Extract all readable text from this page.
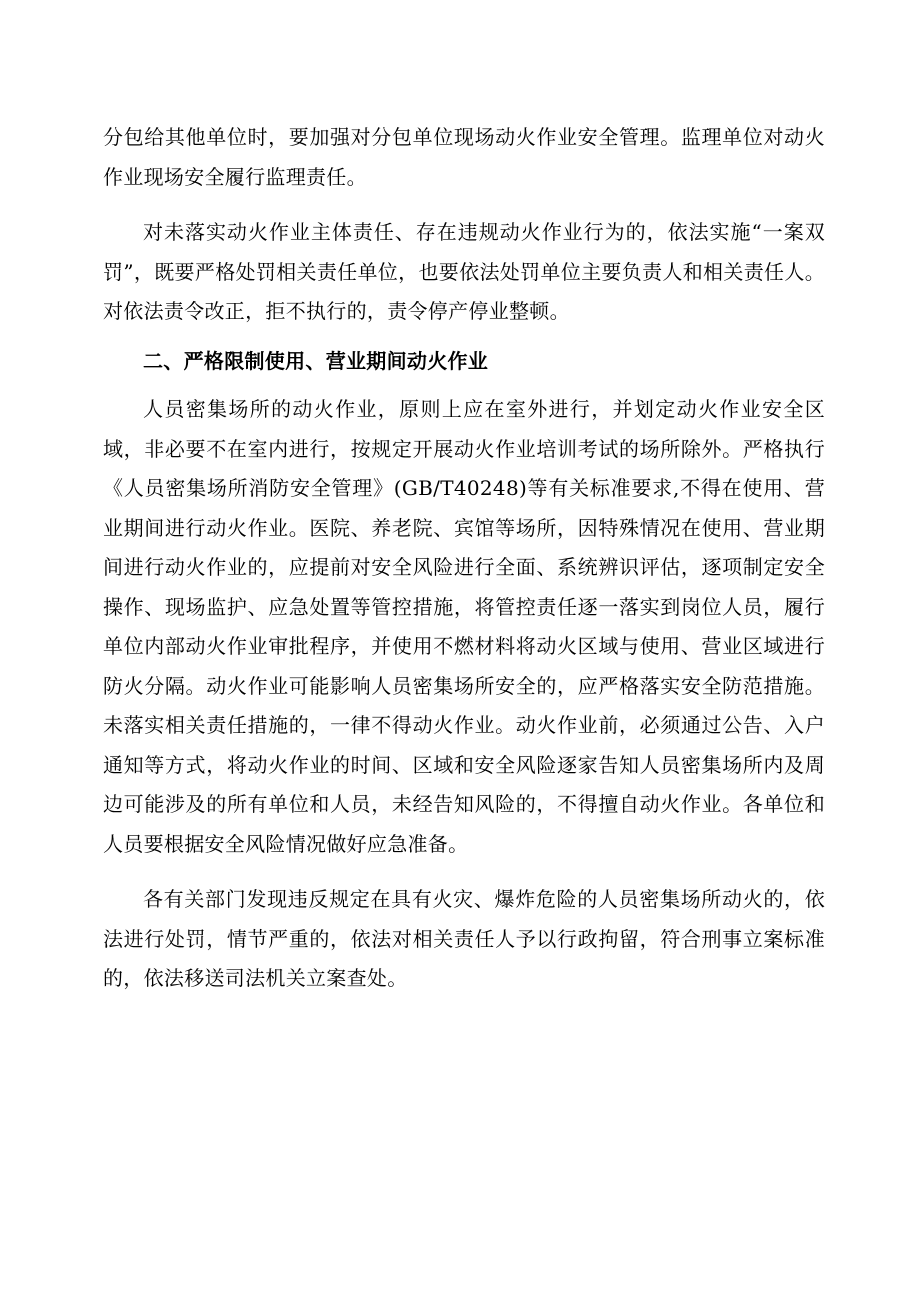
分包给其他单位时，要加强对分包单位现场动火作业安全管理。监理单位对动火作业现场安全履行监理责任。

对未落实动火作业主体责任、存在违规动火作业行为的，依法实施“一案双罚”，既要严格处罚相关责任单位，也要依法处罚单位主要负责人和相关责任人。对依法责令改正，拒不执行的，责令停产停业整顿。

二、严格限制使用、营业期间动火作业

人员密集场所的动火作业，原则上应在室外进行，并划定动火作业安全区域，非必要不在室内进行，按规定开展动火作业培训考试的场所除外。严格执行《人员密集场所消防安全管理》(GB/T40248)等有关标准要求,不得在使用、营业期间进行动火作业。医院、养老院、宾馆等场所，因特殊情况在使用、营业期间进行动火作业的，应提前对安全风险进行全面、系统辨识评估，逐项制定安全操作、现场监护、应急处置等管控措施，将管控责任逐一落实到岗位人员，履行单位内部动火作业审批程序，并使用不燃材料将动火区域与使用、营业区域进行防火分隔。动火作业可能影响人员密集场所安全的，应严格落实安全防范措施。未落实相关责任措施的，一律不得动火作业。动火作业前，必须通过公告、入户通知等方式，将动火作业的时间、区域和安全风险逐家告知人员密集场所内及周边可能涉及的所有单位和人员，未经告知风险的，不得擅自动火作业。各单位和人员要根据安全风险情况做好应急准备。

各有关部门发现违反规定在具有火灾、爆炸危险的人员密集场所动火的，依法进行处罚，情节严重的，依法对相关责任人予以行政拘留，符合刑事立案标准的，依法移送司法机关立案查处。
